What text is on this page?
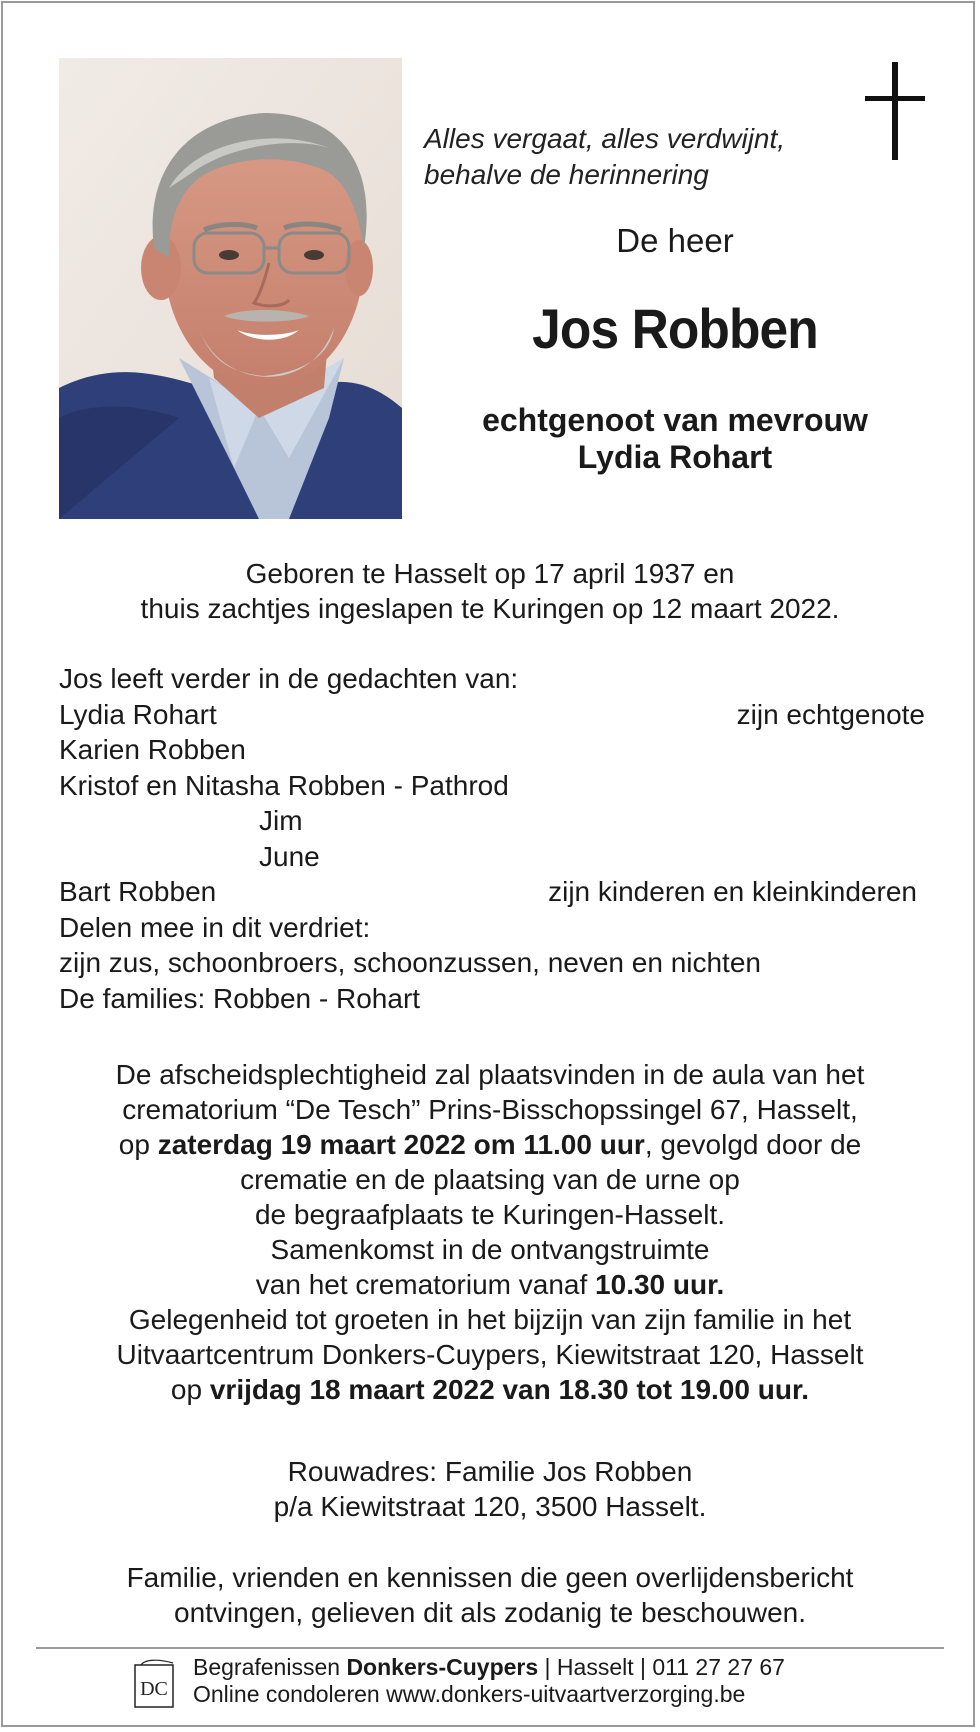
Alles vergaat, alles verdwijnt,
behalve de herinnering
De heer
Jos Robben
echtgenoot van mevrouw
Lydia Rohart
Geboren te Hasselt op 17 april 1937 en
thuis zachtjes ingeslapen te Kuringen op 12 maart 2022.
Jos leeft verder in de gedachten van:
Lydia Rohart	zijn echtgenote
Karien Robben
Kristof en Nitasha Robben - Pathrod
Jim
June
Bart Robben	zijn kinderen en kleinkinderen
Delen mee in dit verdriet:
zijn zus, schoonbroers, schoonzussen, neven en nichten
De families: Robben - Rohart
De afscheidsplechtigheid zal plaatsvinden in de aula van het
crematorium “De Tesch” Prins-Bisschopssingel 67, Hasselt,
op zaterdag 19 maart 2022 om 11.00 uur, gevolgd door de
crematie en de plaatsing van de urne op
de begraafplaats te Kuringen-Hasselt.
Samenkomst in de ontvangstruimte
van het crematorium vanaf 10.30 uur.
Gelegenheid tot groeten in het bijzijn van zijn familie in het
Uitvaartcentrum Donkers-Cuypers, Kiewitstraat 120, Hasselt
op vrijdag 18 maart 2022 van 18.30 tot 19.00 uur.
Rouwadres: Familie Jos Robben
p/a Kiewitstraat 120, 3500 Hasselt.
Familie, vrienden en kennissen die geen overlijdensbericht
ontvingen, gelieven dit als zodanig te beschouwen.
DC
Begrafenissen Donkers-Cuypers | Hasselt | 011 27 27 67
Online condoleren www.donkers-uitvaartverzorging.be
